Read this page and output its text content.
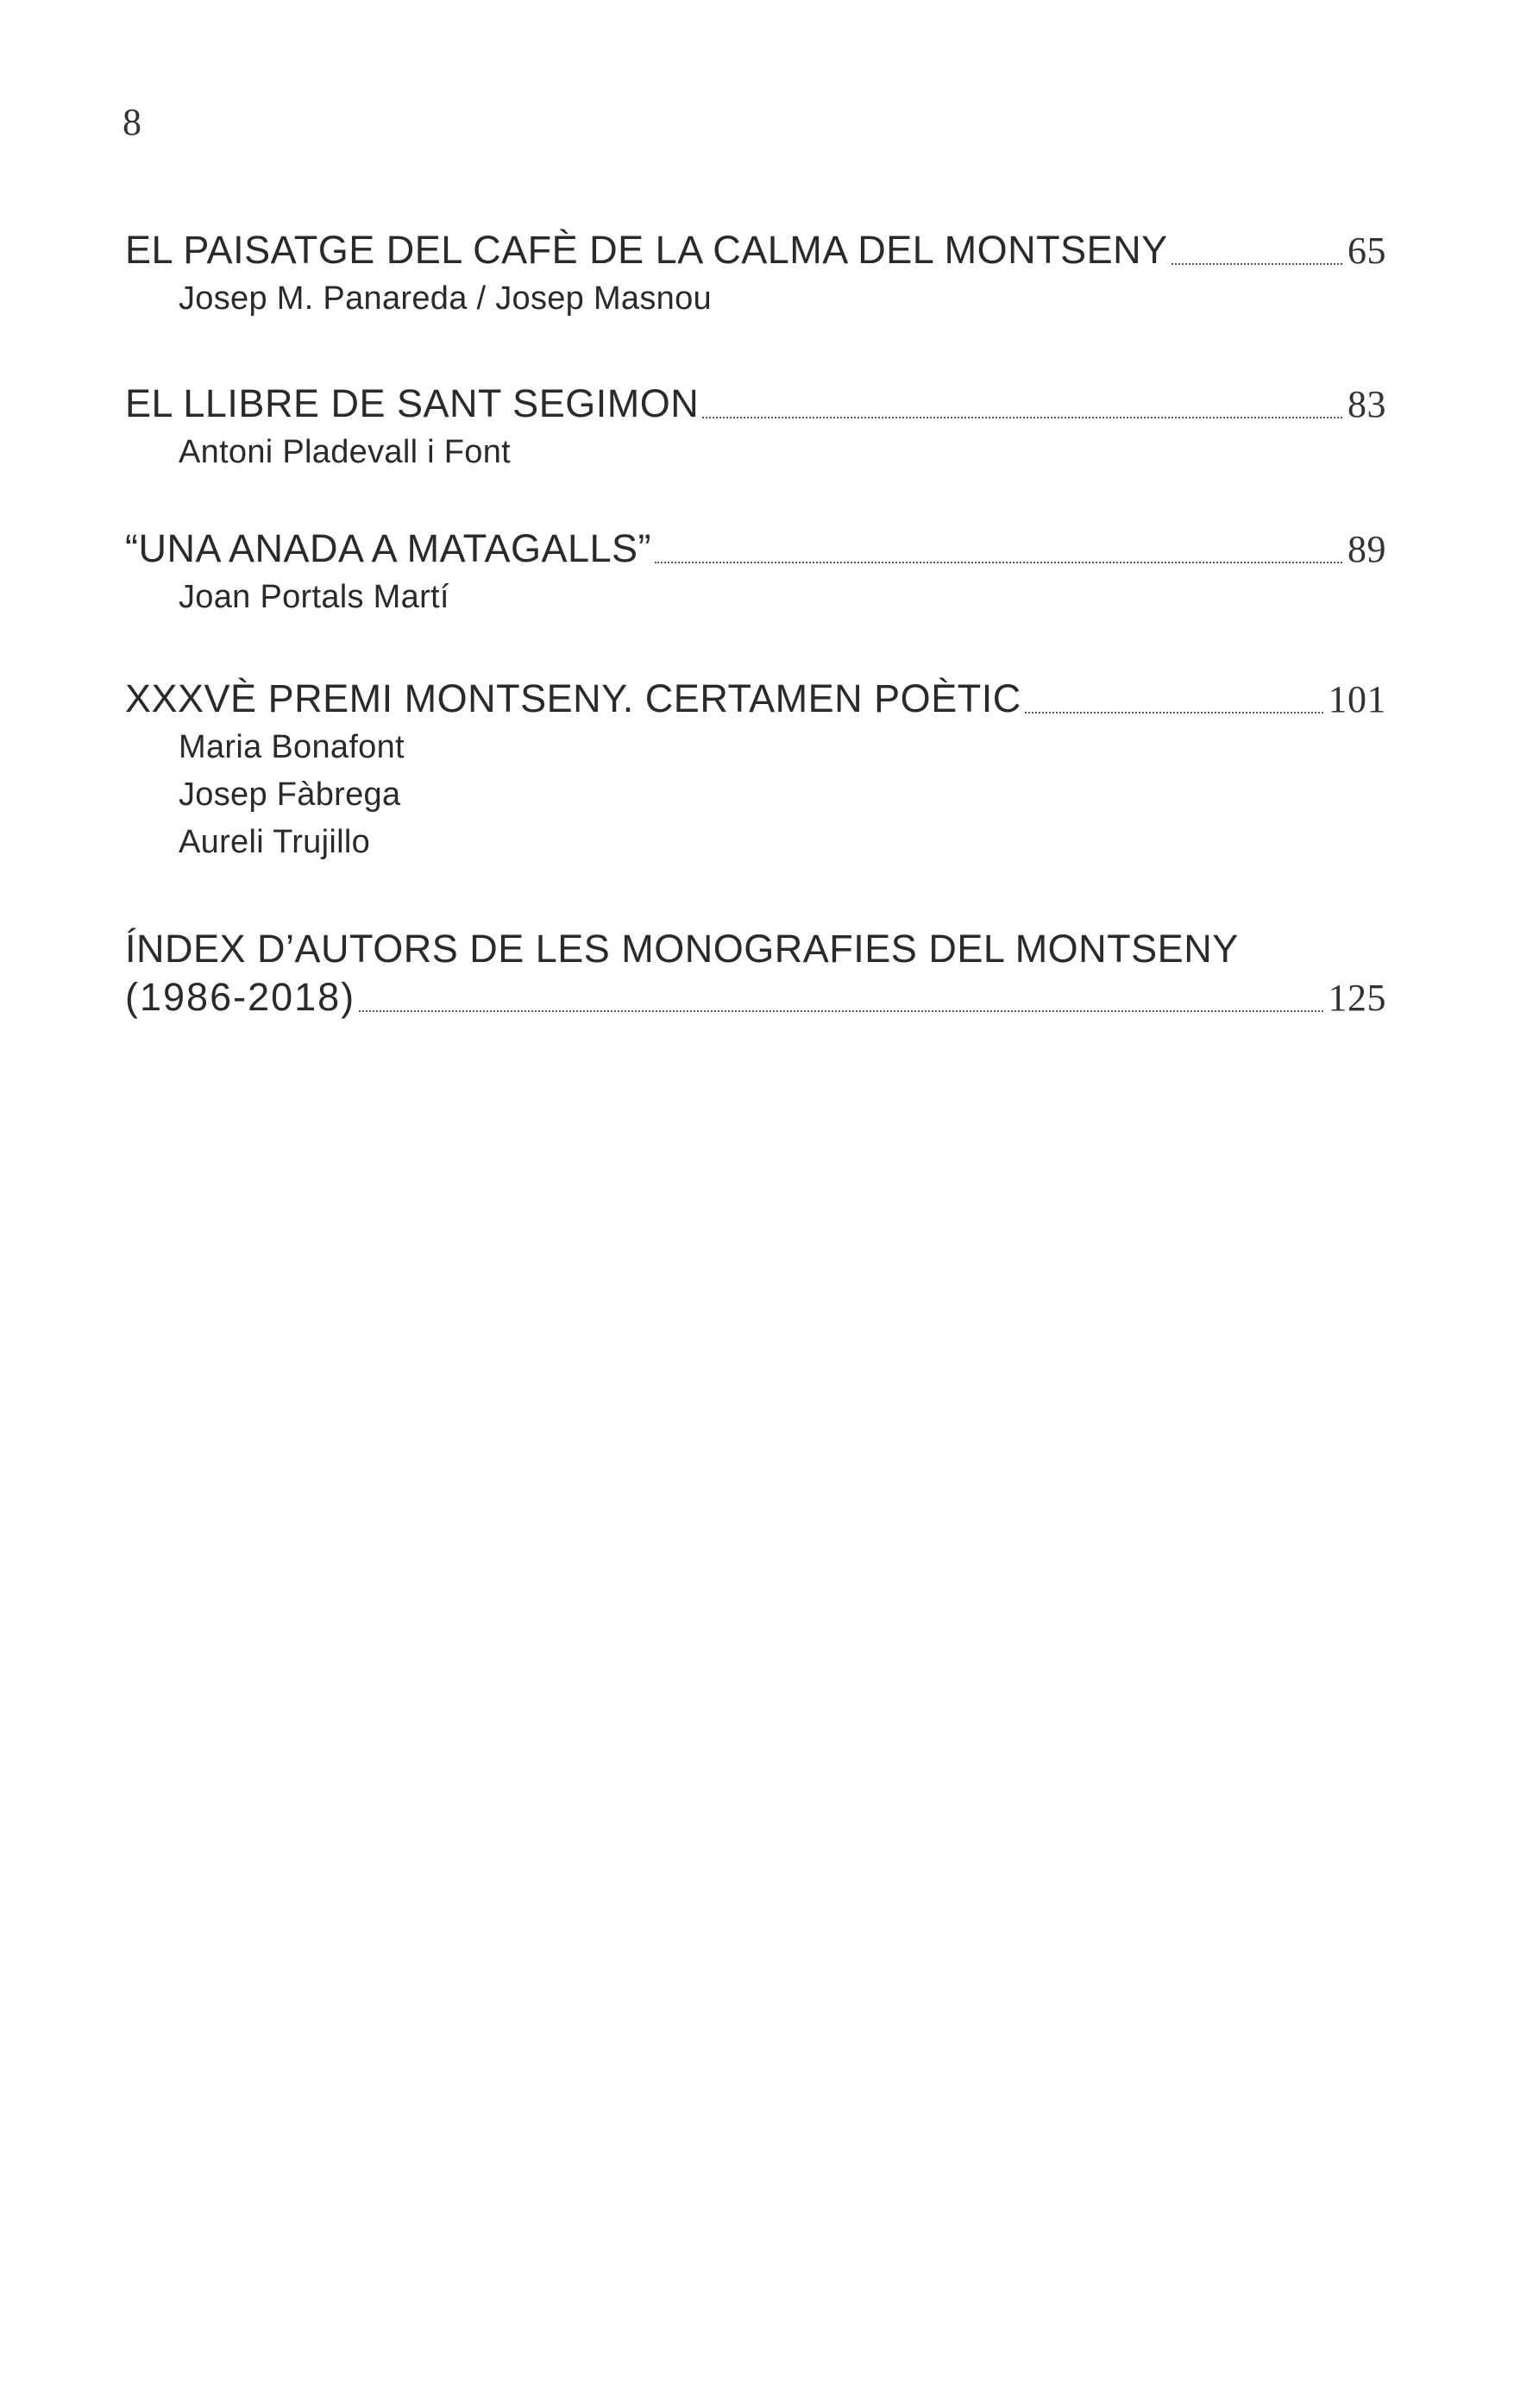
8
EL PAISATGE DEL CAFÈ DE LA CALMA DEL MONTSENY	65
Josep M. Panareda / Josep Masnou
EL LLIBRE DE SANT SEGIMON	83
Antoni Pladevall i Font
“UNA ANADA A MATAGALLS”	89
Joan Portals Martí
XXXVÈ PREMI MONTSENY. CERTAMEN POÈTIC	101
Maria Bonafont
Josep Fàbrega
Aureli Trujillo
ÍNDEX D’AUTORS DE LES MONOGRAFIES DEL MONTSENY
(1986-2018)	125
